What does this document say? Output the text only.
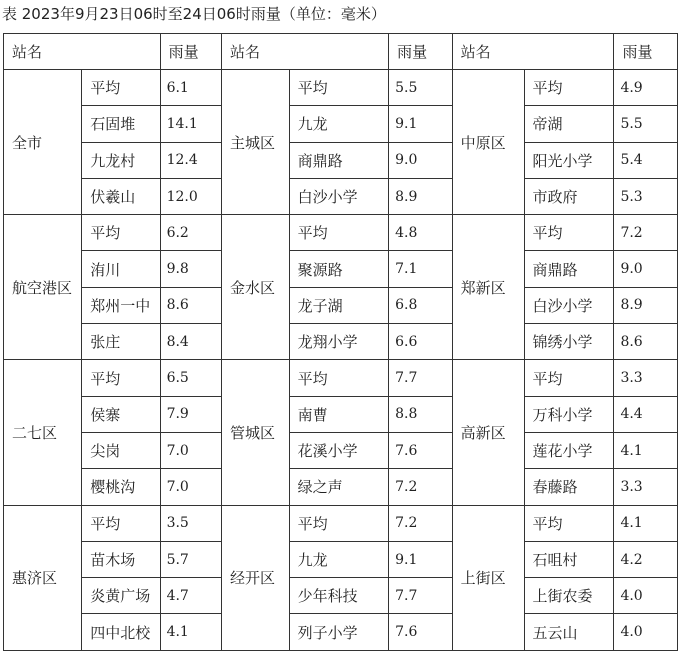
表 2023年9月23日06时至24日06时雨量（单位：毫米）
站名		雨量	站名		雨量	站名		雨量
全市	平均	6.1	主城区	平均	5.5	中原区	平均	4.9
	石固堆	14.1		九龙	9.1		帝湖	5.5
	九龙村	12.4		商鼎路	9.0		阳光小学	5.4
	伏羲山	12.0		白沙小学	8.9		市政府	5.3
航空港区	平均	6.2	金水区	平均	4.8	郑新区	平均	7.2
	洧川	9.8		聚源路	7.1		商鼎路	9.0
	郑州一中	8.6		龙子湖	6.8		白沙小学	8.9
	张庄	8.4		龙翔小学	6.6		锦绣小学	8.6
二七区	平均	6.5	管城区	平均	7.7	高新区	平均	3.3
	侯寨	7.9		南曹	8.8		万科小学	4.4
	尖岗	7.0		花溪小学	7.6		莲花小学	4.1
	樱桃沟	7.0		绿之声	7.2		春藤路	3.3
惠济区	平均	3.5	经开区	平均	7.2	上街区	平均	4.1
	苗木场	5.7		九龙	9.1		石咀村	4.2
	炎黄广场	4.7		少年科技	7.7		上街农委	4.0
	四中北校	4.1		列子小学	7.6		五云山	4.0
